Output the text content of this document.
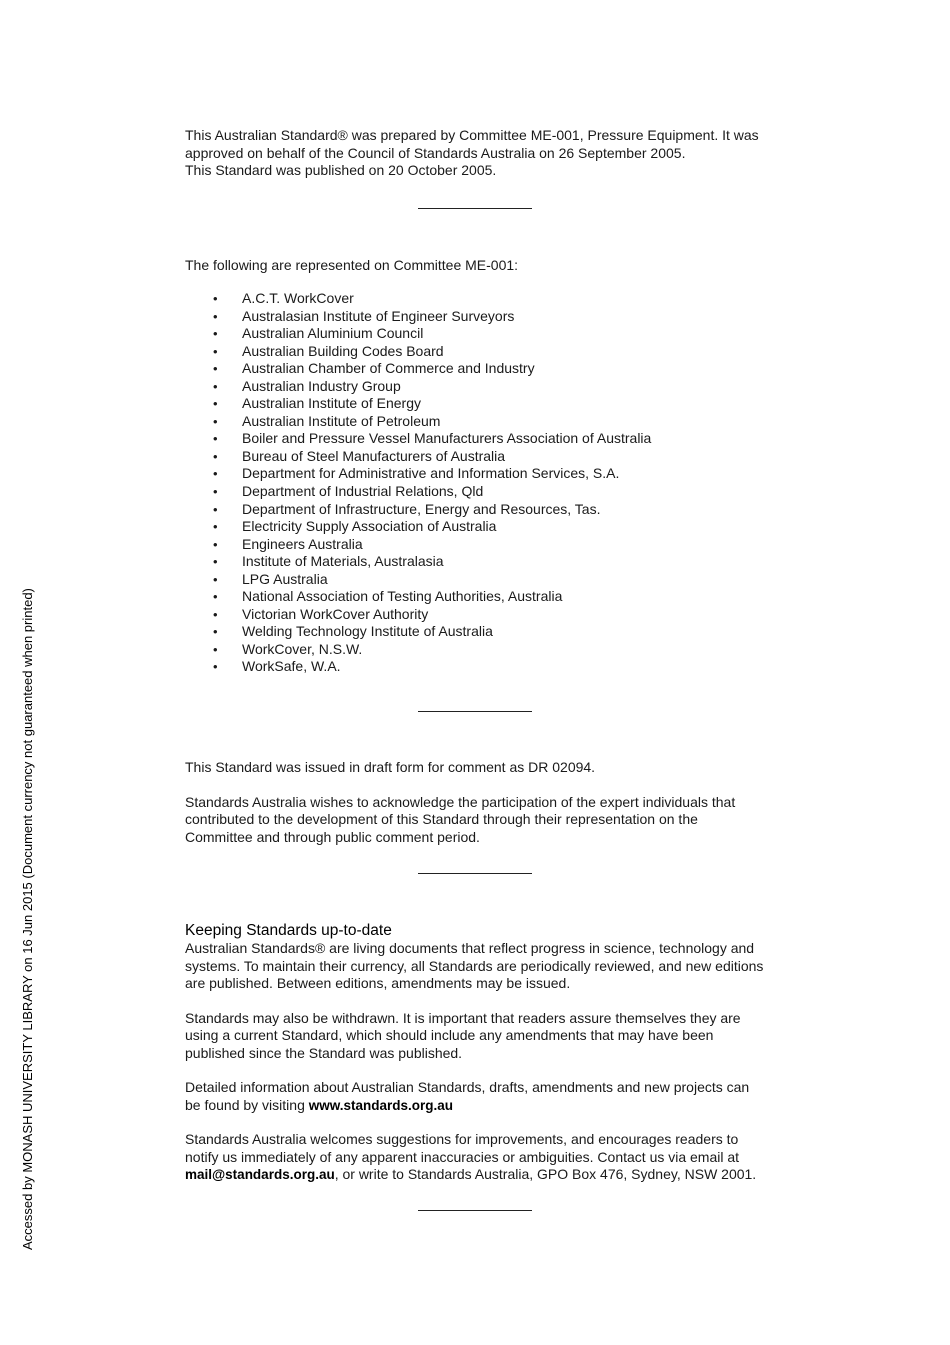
Accessed by MONASH UNIVERSITY LIBRARY on 16 Jun 2015 (Document currency not guaranteed when printed)

This Australian Standard® was prepared by Committee ME-001, Pressure Equipment. It was

approved on behalf of the Council of Standards Australia on 26 September 2005.

This Standard was published on 20 October 2005.

The following are represented on Committee ME-001:

• A.C.T. WorkCover
• Australasian Institute of Engineer Surveyors
• Australian Aluminium Council
• Australian Building Codes Board
• Australian Chamber of Commerce and Industry
• Australian Industry Group
• Australian Institute of Energy
• Australian Institute of Petroleum
• Boiler and Pressure Vessel Manufacturers Association of Australia
• Bureau of Steel Manufacturers of Australia
• Department for Administrative and Information Services, S.A.
• Department of Industrial Relations, Qld
• Department of Infrastructure, Energy and Resources, Tas.
• Electricity Supply Association of Australia
• Engineers Australia
• Institute of Materials, Australasia
• LPG Australia
• National Association of Testing Authorities, Australia
• Victorian WorkCover Authority
• Welding Technology Institute of Australia
• WorkCover, N.S.W.
• WorkSafe, W.A.

This Standard was issued in draft form for comment as DR 02094.

Standards Australia wishes to acknowledge the participation of the expert individuals that

contributed to the development of this Standard through their representation on the

Committee and through public comment period.

Keeping Standards up-to-date

Australian Standards® are living documents that reflect progress in science, technology and

systems. To maintain their currency, all Standards are periodically reviewed, and new editions

are published. Between editions, amendments may be issued.

Standards may also be withdrawn. It is important that readers assure themselves they are

using a current Standard, which should include any amendments that may have been

published since the Standard was published.

Detailed information about Australian Standards, drafts, amendments and new projects can

be found by visiting www.standards.org.au

Standards Australia welcomes suggestions for improvements, and encourages readers to

notify us immediately of any apparent inaccuracies or ambiguities. Contact us via email at

mail@standards.org.au, or write to Standards Australia, GPO Box 476, Sydney, NSW 2001.
